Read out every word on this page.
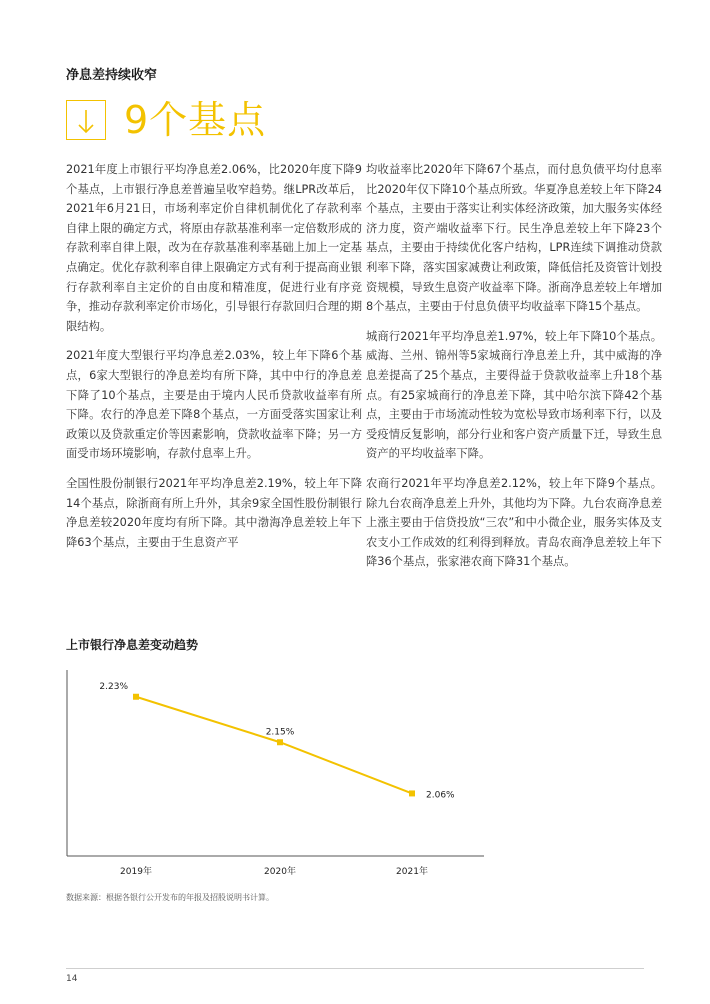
净息差持续收窄
9个基点

2021年度上市银行平均净息差2.06%，比2020年度下降9个基点，上市银行净息差普遍呈收窄趋势。继LPR改革后，2021年6月21日，市场利率定价自律机制优化了存款利率自律上限的确定方式，将原由存款基准利率一定倍数形成的存款利率自律上限，改为在存款基准利率基础上加上一定基点确定。优化存款利率自律上限确定方式有利于提高商业银行存款利率自主定价的自由度和精准度，促进行业有序竞争，推动存款利率定价市场化，引导银行存款回归合理的期限结构。

2021年度大型银行平均净息差2.03%，较上年下降6个基点，6家大型银行的净息差均有所下降，其中中行的净息差下降了10个基点，主要是由于境内人民币贷款收益率有所下降。农行的净息差下降8个基点，一方面受落实国家让利政策以及贷款重定价等因素影响，贷款收益率下降；另一方面受市场环境影响，存款付息率上升。

全国性股份制银行2021年平均净息差2.19%，较上年下降14个基点，除浙商有所上升外，其余9家全国性股份制银行净息差较2020年度均有所下降。其中渤海净息差较上年下降63个基点，主要由于生息资产平

均收益率比2020年下降67个基点，而付息负债平均付息率比2020年仅下降10个基点所致。华夏净息差较上年下降24个基点，主要由于落实让利实体经济政策，加大服务实体经济力度，资产端收益率下行。民生净息差较上年下降23个基点，主要由于持续优化客户结构，LPR连续下调推动贷款利率下降，落实国家减费让利政策，降低信托及资管计划投资规模，导致生息资产收益率下降。浙商净息差较上年增加8个基点，主要由于付息负债平均收益率下降15个基点。

城商行2021年平均净息差1.97%，较上年下降10个基点。威海、兰州、锦州等5家城商行净息差上升，其中威海的净息差提高了25个基点，主要得益于贷款收益率上升18个基点。有25家城商行的净息差下降，其中哈尔滨下降42个基点，主要由于市场流动性较为宽松导致市场利率下行，以及受疫情反复影响，部分行业和客户资产质量下迁，导致生息资产的平均收益率下降。

农商行2021年平均净息差2.12%，较上年下降9个基点。除九台农商净息差上升外，其他均为下降。九台农商净息差上涨主要由于信贷投放“三农”和中小微企业，服务实体及支农支小工作成效的红利得到释放。青岛农商净息差较上年下降36个基点，张家港农商下降31个基点。

上市银行净息差变动趋势
2.23%
2019年
2.15%
2020年
2.06%
2021年
数据来源：根据各银行公开发布的年报及招股说明书计算。
14
